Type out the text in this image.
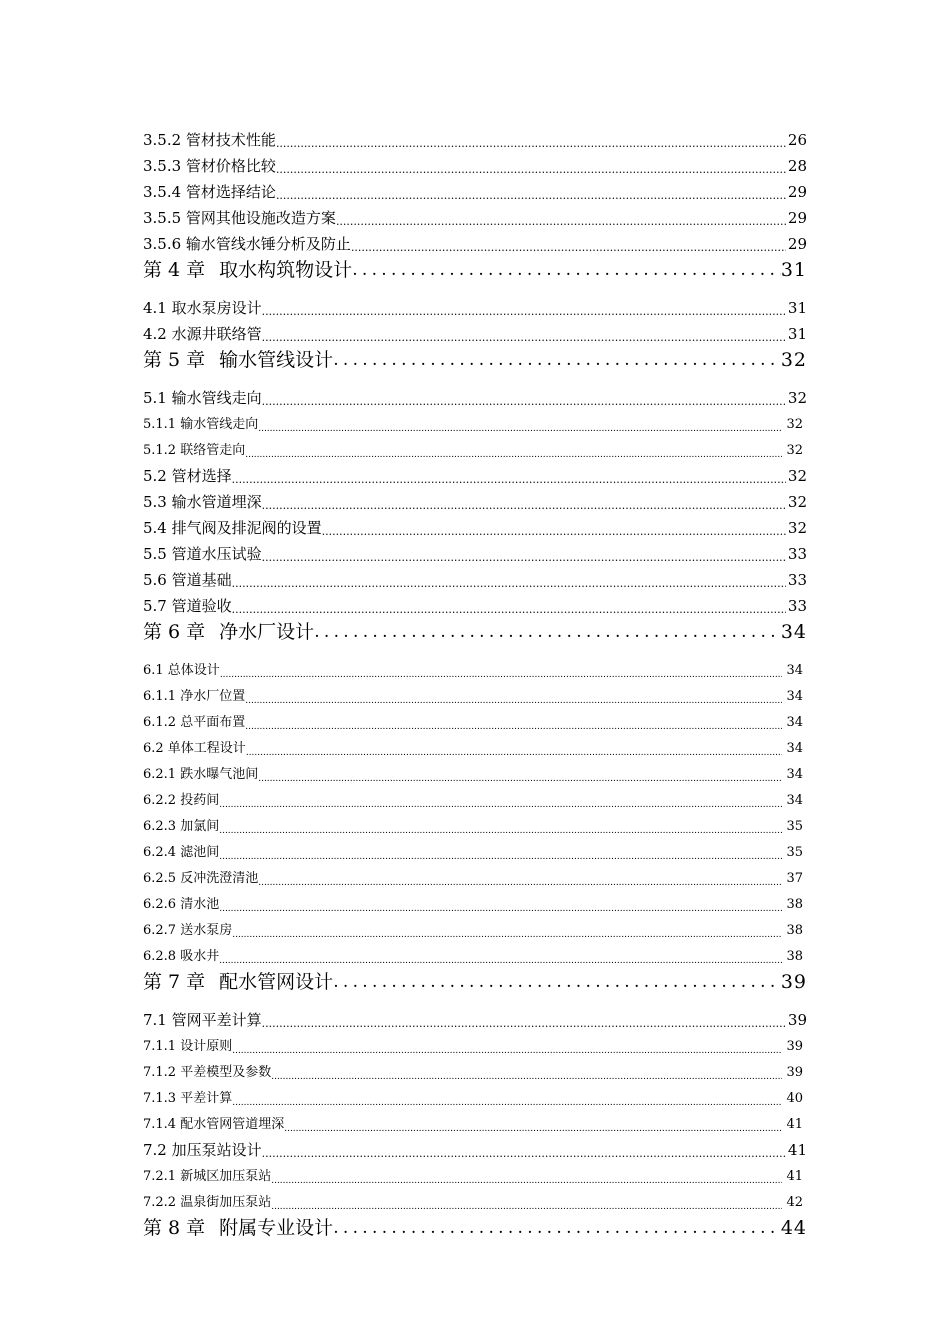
3.5.2 管材技术性能 .....	26
3.5.3 管材价格比较 .....	28
3.5.4 管材选择结论 .....	29
3.5.5 管网其他设施改造方案 .....	29
3.5.6 输水管线水锤分析及防止 .....	29
第 4 章 取水构筑物设计 .....	31
4.1 取水泵房设计 .....	31
4.2 水源井联络管 .....	31
第 5 章 输水管线设计 .....	32
5.1 输水管线走向 .....	32
5.1.1 输水管线走向 .....	32
5.1.2 联络管走向 .....	32
5.2 管材选择 .....	32
5.3 输水管道埋深 .....	32
5.4 排气阀及排泥阀的设置 .....	32
5.5 管道水压试验 .....	33
5.6 管道基础 .....	33
5.7 管道验收 .....	33
第 6 章 净水厂设计 .....	34
6.1 总体设计 .....	34
6.1.1 净水厂位置 .....	34
6.1.2 总平面布置 .....	34
6.2 单体工程设计 .....	34
6.2.1 跌水曝气池间 .....	34
6.2.2 投药间 .....	34
6.2.3 加氯间 .....	35
6.2.4 滤池间 .....	35
6.2.5 反冲洗澄清池 .....	37
6.2.6 清水池 .....	38
6.2.7 送水泵房 .....	38
6.2.8 吸水井 .....	38
第 7 章 配水管网设计 .....	39
7.1 管网平差计算 .....	39
7.1.1 设计原则 .....	39
7.1.2 平差模型及参数 .....	39
7.1.3 平差计算 .....	40
7.1.4 配水管网管道埋深 .....	41
7.2 加压泵站设计 .....	41
7.2.1 新城区加压泵站 .....	41
7.2.2 温泉街加压泵站 .....	42
第 8 章 附属专业设计 .....	44
